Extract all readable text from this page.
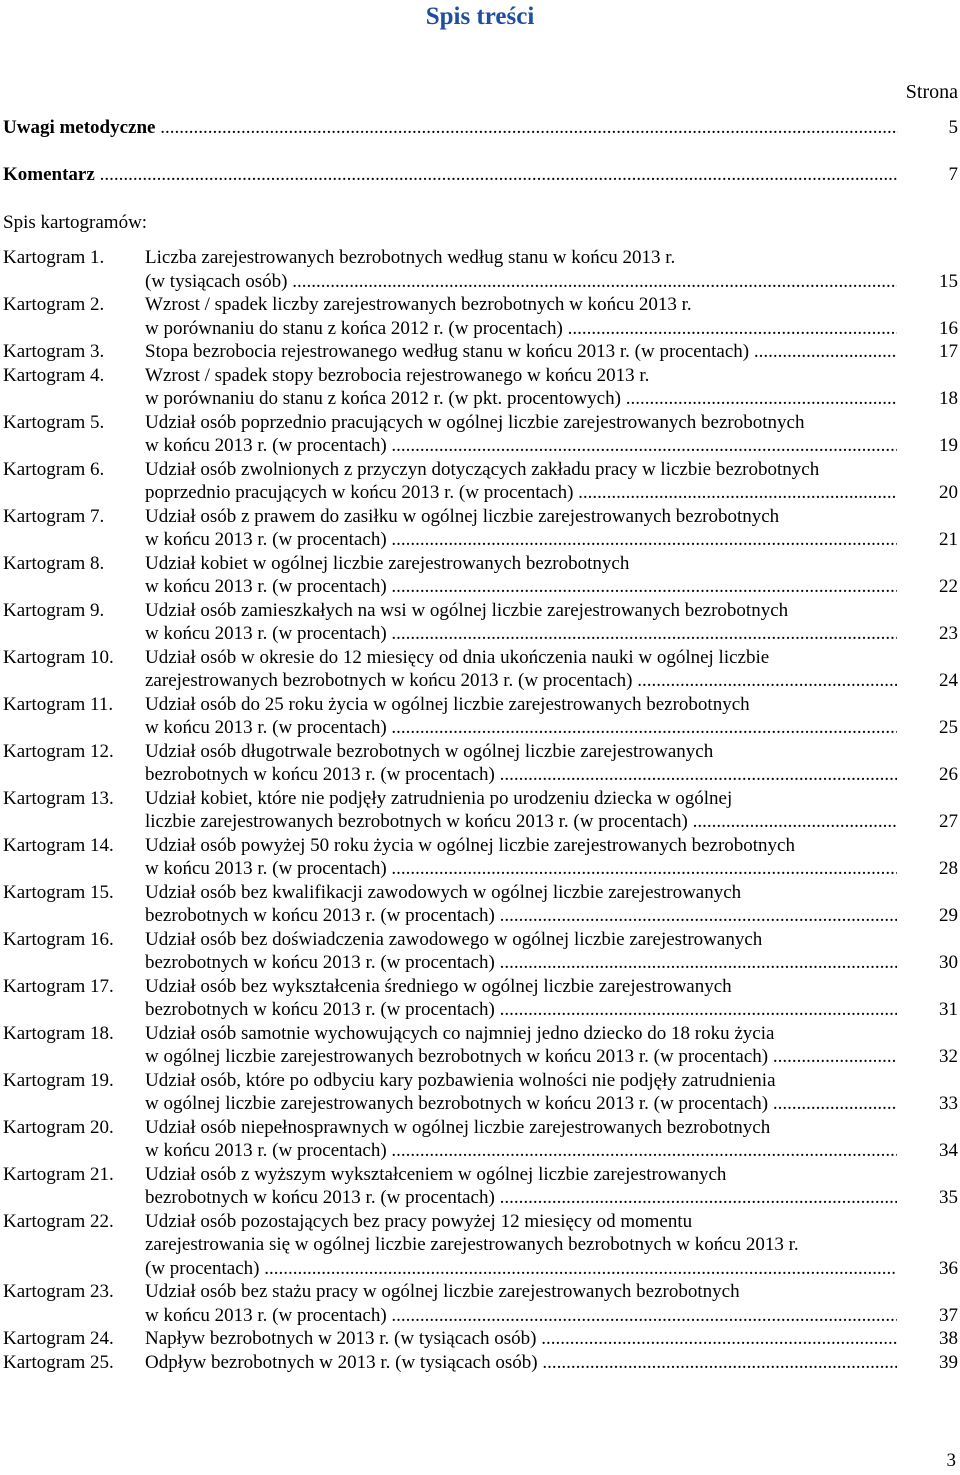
Spis treści
Strona
Uwagi metodyczne .....	5
Komentarz .....	7
Spis kartogramów:
Kartogram 1. Liczba zarejestrowanych bezrobotnych według stanu w końcu 2013 r.
(w tysiącach osób) .....	15
Kartogram 2. Wzrost / spadek liczby zarejestrowanych bezrobotnych w końcu 2013 r.
w porównaniu do stanu z końca 2012 r. (w procentach) .....	16
Kartogram 3. Stopa bezrobocia rejestrowanego według stanu w końcu 2013 r. (w procentach) .....	17
Kartogram 4. Wzrost / spadek stopy bezrobocia rejestrowanego w końcu 2013 r.
w porównaniu do stanu z końca 2012 r. (w pkt. procentowych) .....	18
Kartogram 5. Udział osób poprzednio pracujących w ogólnej liczbie zarejestrowanych bezrobotnych
w końcu 2013 r. (w procentach) .....	19
Kartogram 6. Udział osób zwolnionych z przyczyn dotyczących zakładu pracy w liczbie bezrobotnych
poprzednio pracujących w końcu 2013 r. (w procentach) .....	20
Kartogram 7. Udział osób z prawem do zasiłku w ogólnej liczbie zarejestrowanych bezrobotnych
w końcu 2013 r. (w procentach) .....	21
Kartogram 8. Udział kobiet w ogólnej liczbie zarejestrowanych bezrobotnych
w końcu 2013 r. (w procentach) .....	22
Kartogram 9. Udział osób zamieszkałych na wsi w ogólnej liczbie zarejestrowanych bezrobotnych
w końcu 2013 r. (w procentach) .....	23
Kartogram 10. Udział osób w okresie do 12 miesięcy od dnia ukończenia nauki w ogólnej liczbie
zarejestrowanych bezrobotnych w końcu 2013 r. (w procentach) .....	24
Kartogram 11. Udział osób do 25 roku życia w ogólnej liczbie zarejestrowanych bezrobotnych
w końcu 2013 r. (w procentach) .....	25
Kartogram 12. Udział osób długotrwale bezrobotnych w ogólnej liczbie zarejestrowanych
bezrobotnych w końcu 2013 r. (w procentach) .....	26
Kartogram 13. Udział kobiet, które nie podjęły zatrudnienia po urodzeniu dziecka w ogólnej
liczbie zarejestrowanych bezrobotnych w końcu 2013 r. (w procentach) .....	27
Kartogram 14. Udział osób powyżej 50 roku życia w ogólnej liczbie zarejestrowanych bezrobotnych
w końcu 2013 r. (w procentach) .....	28
Kartogram 15. Udział osób bez kwalifikacji zawodowych w ogólnej liczbie zarejestrowanych
bezrobotnych w końcu 2013 r. (w procentach) .....	29
Kartogram 16. Udział osób bez doświadczenia zawodowego w ogólnej liczbie zarejestrowanych
bezrobotnych w końcu 2013 r. (w procentach) .....	30
Kartogram 17. Udział osób bez wykształcenia średniego w ogólnej liczbie zarejestrowanych
bezrobotnych w końcu 2013 r. (w procentach) .....	31
Kartogram 18. Udział osób samotnie wychowujących co najmniej jedno dziecko do 18 roku życia
w ogólnej liczbie zarejestrowanych bezrobotnych w końcu 2013 r. (w procentach) .....	32
Kartogram 19. Udział osób, które po odbyciu kary pozbawienia wolności nie podjęły zatrudnienia
w ogólnej liczbie zarejestrowanych bezrobotnych w końcu 2013 r. (w procentach) .....	33
Kartogram 20. Udział osób niepełnosprawnych w ogólnej liczbie zarejestrowanych bezrobotnych
w końcu 2013 r. (w procentach) .....	34
Kartogram 21. Udział osób z wyższym wykształceniem w ogólnej liczbie zarejestrowanych
bezrobotnych w końcu 2013 r. (w procentach) .....	35
Kartogram 22. Udział osób pozostających bez pracy powyżej 12 miesięcy od momentu
zarejestrowania się w ogólnej liczbie zarejestrowanych bezrobotnych w końcu 2013 r.
(w procentach) .....	36
Kartogram 23. Udział osób bez stażu pracy w ogólnej liczbie zarejestrowanych bezrobotnych
w końcu 2013 r. (w procentach) .....	37
Kartogram 24. Napływ bezrobotnych w 2013 r. (w tysiącach osób) .....	38
Kartogram 25. Odpływ bezrobotnych w 2013 r. (w tysiącach osób) .....	39
3
